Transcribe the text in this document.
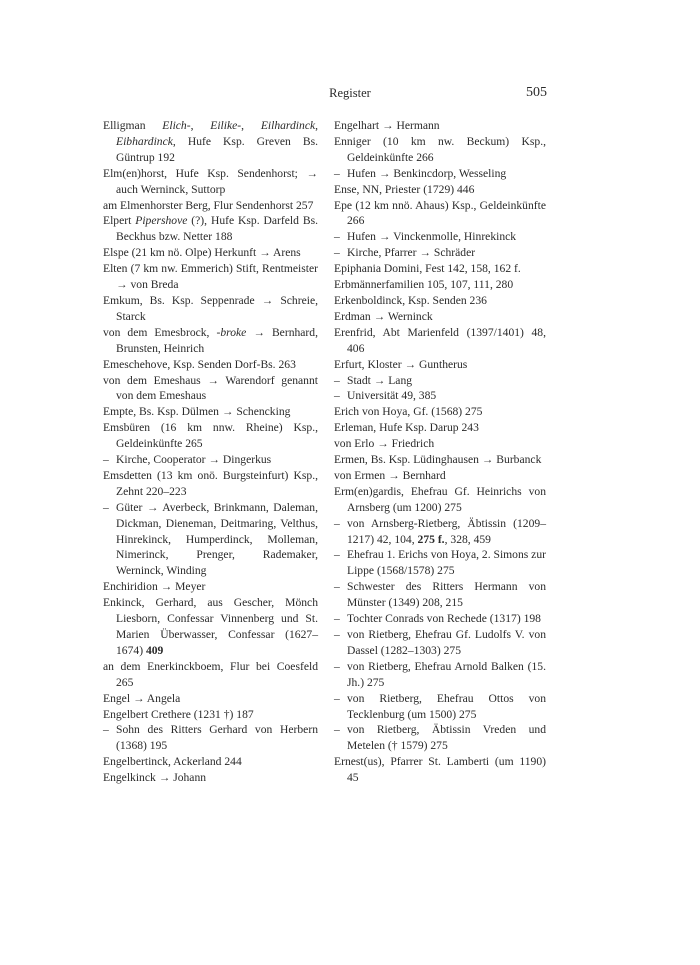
Register	505

Elligman Elich-, Eilike-, Eilhardinck, Eibhardinck, Hufe Ksp. Greven Bs. Güntrup 192

Elm(en)horst, Hufe Ksp. Sendenhorst; → auch Werninck, Suttorp

am Elmenhorster Berg, Flur Sendenhorst 257

Elpert Pipershove (?), Hufe Ksp. Darfeld Bs. Beckhus bzw. Netter 188

Elspe (21 km nö. Olpe) Herkunft → Arens

Elten (7 km nw. Emmerich) Stift, Rentmeister → von Breda

Emkum, Bs. Ksp. Seppenrade → Schreie, Starck

von dem Emesbrock, -broke → Bernhard, Brunsten, Heinrich

Emeschehove, Ksp. Senden Dorf-Bs. 263

von dem Emeshaus → Warendorf genannt von dem Emeshaus

Empte, Bs. Ksp. Dülmen → Schencking

Emsbüren (16 km nnw. Rheine) Ksp., Geldeinkünfte 265

– Kirche, Cooperator → Dingerkus

Emsdetten (13 km onö. Burgsteinfurt) Ksp., Zehnt 220–223

– Güter → Averbeck, Brinkmann, Daleman, Dickman, Dieneman, Deitmaring, Velthus, Hinrekinck, Humperdinck, Molleman, Nimerinck, Prenger, Rademaker, Werninck, Winding

Enchiridion → Meyer

Enkinck, Gerhard, aus Gescher, Mönch Liesborn, Confessar Vinnenberg und St. Marien Überwasser, Confessar (1627–1674) 409

an dem Enerkinckboem, Flur bei Coesfeld 265

Engel → Angela

Engelbert Crethere (1231 †) 187

– Sohn des Ritters Gerhard von Herbern (1368) 195

Engelbertinck, Ackerland 244

Engelkinck → Johann

Engelhart → Hermann

Enniger (10 km nw. Beckum) Ksp., Geldeinkünfte 266

– Hufen → Benkincdorp, Wesseling

Ense, NN, Priester (1729) 446

Epe (12 km nnö. Ahaus) Ksp., Geldeinkünfte 266

– Hufen → Vinckenmolle, Hinrekinck

– Kirche, Pfarrer → Schräder

Epiphania Domini, Fest 142, 158, 162 f.

Erbmännerfamilien 105, 107, 111, 280

Erkenboldinck, Ksp. Senden 236

Erdman → Werninck

Erenfrid, Abt Marienfeld (1397/1401) 48, 406

Erfurt, Kloster → Guntherus

– Stadt → Lang

– Universität 49, 385

Erich von Hoya, Gf. (1568) 275

Erleman, Hufe Ksp. Darup 243

von Erlo → Friedrich

Ermen, Bs. Ksp. Lüdinghausen → Burbanck

von Ermen → Bernhard

Erm(en)gardis, Ehefrau Gf. Heinrichs von Arnsberg (um 1200) 275

– von Arnsberg-Rietberg, Äbtissin (1209–1217) 42, 104, 275 f., 328, 459

– Ehefrau 1. Erichs von Hoya, 2. Simons zur Lippe (1568/1578) 275

– Schwester des Ritters Hermann von Münster (1349) 208, 215

– Tochter Conrads von Rechede (1317) 198

– von Rietberg, Ehefrau Gf. Ludolfs V. von Dassel (1282–1303) 275

– von Rietberg, Ehefrau Arnold Balken (15. Jh.) 275

– von Rietberg, Ehefrau Ottos von Tecklenburg (um 1500) 275

– von Rietberg, Äbtissin Vreden und Metelen († 1579) 275

Ernest(us), Pfarrer St. Lamberti (um 1190) 45
